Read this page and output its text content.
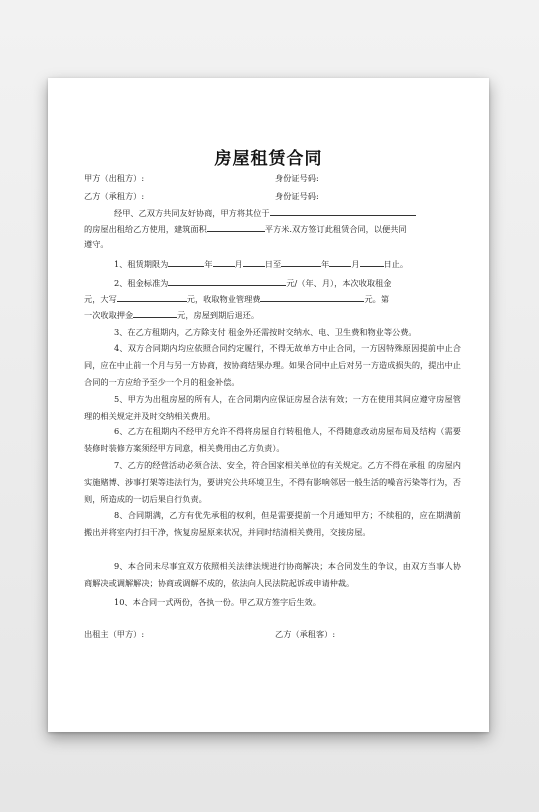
房屋租赁合同
甲方（出租方）:	身份证号码:
乙方（承租方）:	身份证号码:
经甲、乙双方共同友好协商，甲方将其位于
的房屋出租给乙方使用，建筑面积	平方米.双方签订此租赁合同，以便共同
遵守。
1、租赁期限为	年	月	日至	年	月	日止。
2、租金标准为	元/（年、月），本次收取租金
元，大写	元，收取物业管理费	元。第
一次收取押金	元，房屋到期后退还。
3、在乙方租期内，乙方除支付 租金外还需按时交纳水、电、卫生费和物业等公费。
4、双方合同期内均应依照合同约定履行，不得无故单方中止合同，一方因特殊原因提前中止合同，应在中止前一个月与另一方协商，按协商结果办理。如果合同中止后对另一方造成损失的，提出中止合同的一方应给予至少一个月的租金补偿。
5、甲方为出租房屋的所有人，在合同期内应保证房屋合法有效；一方在使用其间应遵守房屋管理的相关规定并及时交纳相关费用。
6、乙方在租期内不经甲方允许不得将房屋自行转租他人，不得随意改动房屋布局及结构（需要装修时装修方案须经甲方同意，相关费用由乙方负责）。
7、乙方的经营活动必须合法、安全，符合国家相关单位的有关规定。乙方不得在承租 的房屋内实施赌博、涉事打架等违法行为，要讲究公共环境卫生，不得有影响邻居一般生活的噪音污染等行为，否则，所造成的一切后果自行负责。
8、合同期满，乙方有优先承租的权利，但是需要提前一个月通知甲方；不续租的，应在期满前搬出并将室内打扫干净，恢复房屋原来状况，并同时结清相关费用，交接房屋。
9、本合同未尽事宜双方依照相关法律法规进行协商解决；本合同发生的争议，由双方当事人协商解决或调解解决；协商或调解不成的，依法向人民法院起诉或申请仲裁。
10、本合同一式两份，各执一份。甲乙双方签字后生效。
出租主（甲方）:	乙方（承租客）:
